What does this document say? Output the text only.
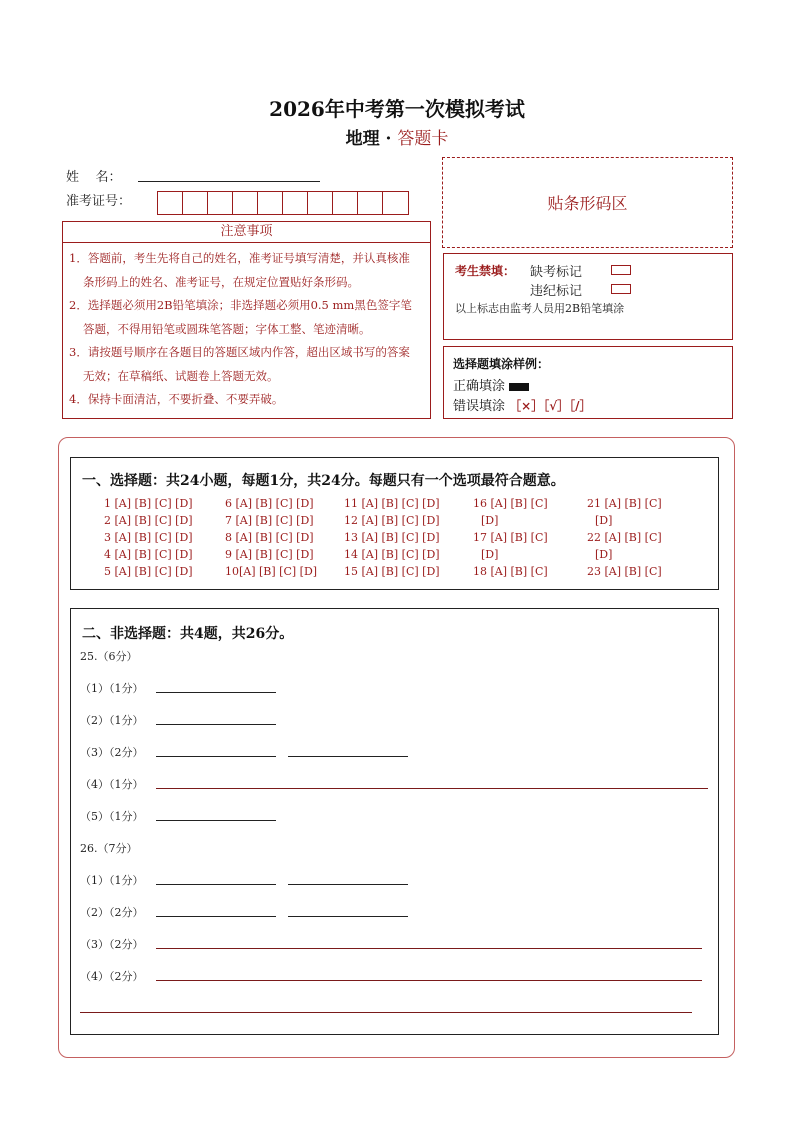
2026年中考第一次模拟考试
地理 · 答题卡
姓    名：
准考证号：	贴条形码区
注意事项
1．答题前，考生先将自己的姓名，准考证号填写清楚，并认真核准
条形码上的姓名、准考证号，在规定位置贴好条形码。
2．选择题必须用2B铅笔填涂；非选择题必须用0.5 mm黑色签字笔
答题，不得用铅笔或圆珠笔答题；字体工整、笔迹清晰。
3．请按题号顺序在各题目的答题区域内作答，超出区域书写的答案
无效；在草稿纸、试题卷上答题无效。
4．保持卡面清洁，不要折叠、不要弄破。
考生禁填： 缺考标记
违纪标记
以上标志由监考人员用2B铅笔填涂
选择题填涂样例：
正确填涂
错误填涂 ［×］［√］［/］
一、选择题：共24小题，每题1分，共24分。每题只有一个选项最符合题意。
1 [A] [B] [C] [D]	6 [A] [B] [C] [D]	11 [A] [B] [C] [D]	16 [A] [B] [C]	21 [A] [B] [C]
2 [A] [B] [C] [D]	7 [A] [B] [C] [D]	12 [A] [B] [C] [D]	[D]	[D]
3 [A] [B] [C] [D]	8 [A] [B] [C] [D]	13 [A] [B] [C] [D]	17 [A] [B] [C]	22 [A] [B] [C]
4 [A] [B] [C] [D]	9 [A] [B] [C] [D]	14 [A] [B] [C] [D]	[D]	[D]
5 [A] [B] [C] [D]	10[A] [B] [C] [D] 15 [A] [B] [C] [D]	18 [A] [B] [C]	23 [A] [B] [C]
二、非选择题：共4题，共26分。
25.（6分）
（1）（1分）
（2）（1分）
（3）（2分）
（4）（1分）
（5）（1分）
26.（7分）
（1）（1分）
（2）（2分）
（3）（2分）
（4）（2分）
